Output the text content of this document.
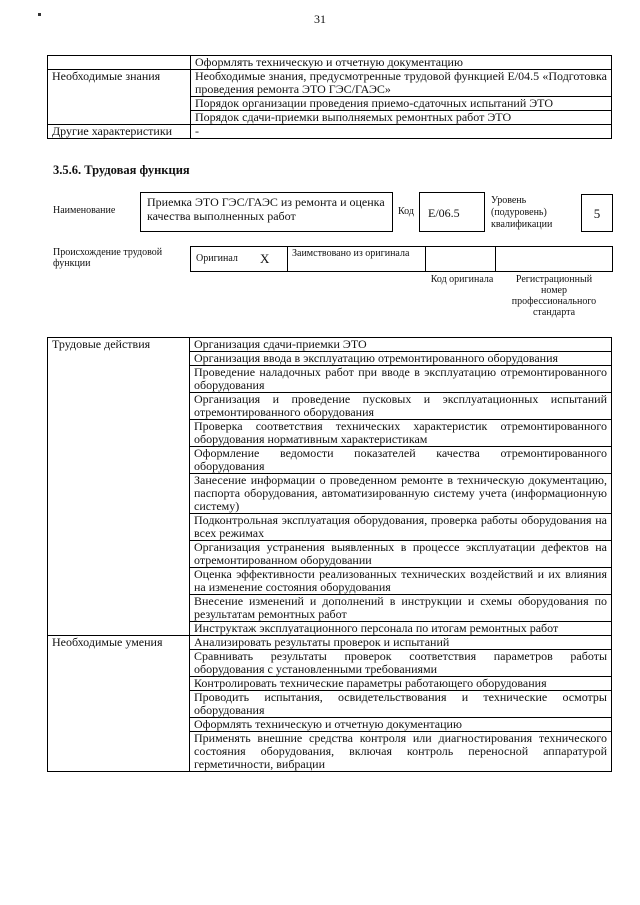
31
	Оформлять техническую и отчетную документацию
Необходимые знания	Необходимые знания, предусмотренные трудовой функцией E/04.5 «Подготовка проведения ремонта ЭТО ГЭС/ГАЭС»
	Порядок организации проведения приемо-сдаточных испытаний ЭТО
	Порядок сдачи-приемки выполняемых ремонтных работ ЭТО
Другие характеристики	-
3.5.6. Трудовая функция
Наименование
Приемка ЭТО ГЭС/ГАЭС из ремонта и оценка качества выполненных работ	Код	E/06.5
Уровень (подуровень) квалификации
5
Происхождение трудовой функции	Оригинал X Заимствовано из оригинала
Код оригинала	Регистрационный номер профессионального стандарта
Трудовые действия	Организация сдачи-приемки ЭТО
	Организация ввода в эксплуатацию отремонтированного оборудования
	Проведение наладочных работ при вводе в эксплуатацию отремонтированного оборудования
	Организация и проведение пусковых и эксплуатационных испытаний отремонтированного оборудования
	Проверка соответствия технических характеристик отремонтированного оборудования нормативным характеристикам
	Оформление ведомости показателей качества отремонтированного оборудования
	Занесение информации о проведенном ремонте в техническую документацию, паспорта оборудования, автоматизированную систему учета (информационную систему)
	Подконтрольная эксплуатация оборудования, проверка работы оборудования на всех режимах
	Организация устранения выявленных в процессе эксплуатации дефектов на отремонтированном оборудовании
	Оценка эффективности реализованных технических воздействий и их влияния на изменение состояния оборудования
	Внесение изменений и дополнений в инструкции и схемы оборудования по результатам ремонтных работ
	Инструктаж эксплуатационного персонала по итогам ремонтных работ
Необходимые умения	Анализировать результаты проверок и испытаний
	Сравнивать результаты проверок соответствия параметров работы оборудования с установленными требованиями
	Контролировать технические параметры работающего оборудования
	Проводить испытания, освидетельствования и технические осмотры оборудования
	Оформлять техническую и отчетную документацию
	Применять внешние средства контроля или диагностирования технического состояния оборудования, включая контроль переносной аппаратурой герметичности, вибрации
